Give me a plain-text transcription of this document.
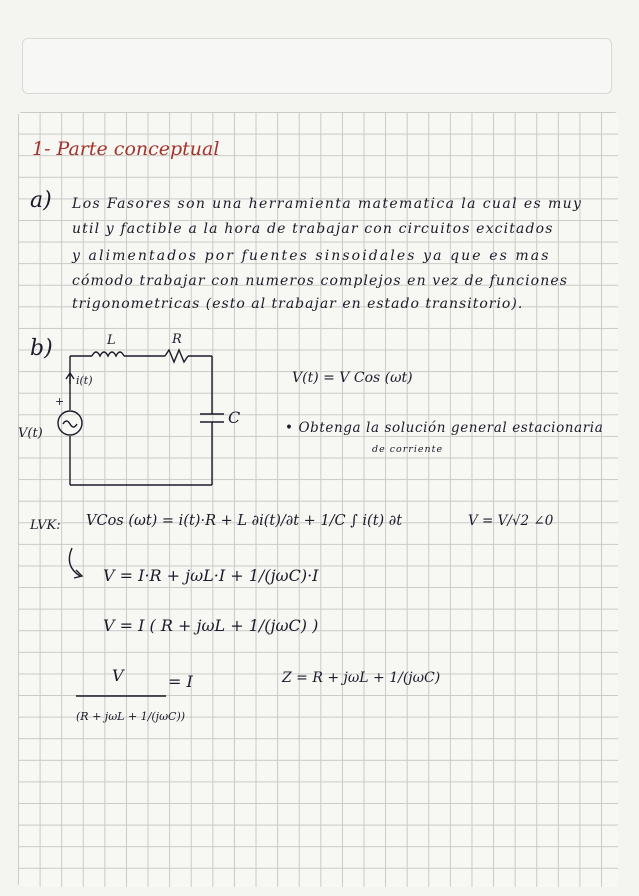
1- Parte conceptual
a) Los Fasores son una herramienta matematica la cual es muy
util y factible a la hora de trabajar con circuitos excitados
y alimentados por fuentes sinsoidales ya que es mas
cómodo trabajar con numeros complejos en vez de funciones
trigonometricas (esto al trabajar en estado transitorio).
b)	L	R
C
i(t)
+
V(t)
V(t) = V Cos (ωt)
• Obtenga la solución general estacionaria
de corriente
LVK: VCos (ωt) = i(t)·R + L ∂i(t)/∂t + 1/C ∫ i(t) ∂t	V = V/√2 ∠0
V = I·R + jωL·I + 1/(jωC)·I
V = I ( R + jωL + 1/(jωC) )
V
(R + jωL + 1/(jωC))
= I	Z = R + jωL + 1/(jωC)
